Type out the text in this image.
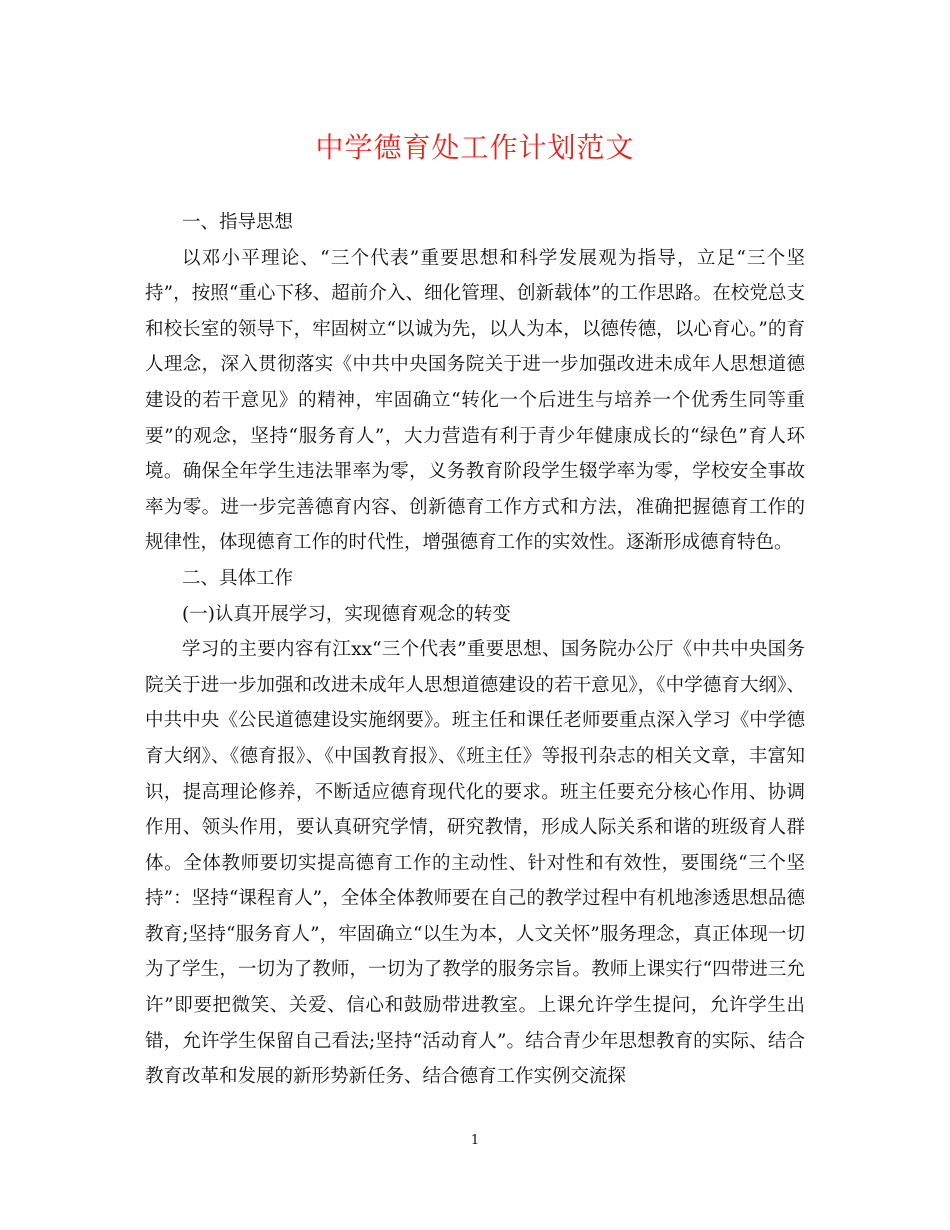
中学德育处工作计划范文

一、指导思想

以邓小平理论、“三个代表”重要思想和科学发展观为指导，立足“三个坚持”，按照“重心下移、超前介入、细化管理、创新载体”的工作思路。在校党总支和校长室的领导下，牢固树立“以诚为先，以人为本，以德传德，以心育心。”的育人理念，深入贯彻落实《中共中央国务院关于进一步加强改进未成年人思想道德建设的若干意见》的精神，牢固确立“转化一个后进生与培养一个优秀生同等重要”的观念，坚持“服务育人”，大力营造有利于青少年健康成长的“绿色”育人环境。确保全年学生违法罪率为零，义务教育阶段学生辍学率为零，学校安全事故率为零。进一步完善德育内容、创新德育工作方式和方法，准确把握德育工作的规律性，体现德育工作的时代性，增强德育工作的实效性。逐渐形成德育特色。

二、具体工作

(一)认真开展学习，实现德育观念的转变

学习的主要内容有江xx“三个代表”重要思想、国务院办公厅《中共中央国务院关于进一步加强和改进未成年人思想道德建设的若干意见》，《中学德育大纲》、中共中央《公民道德建设实施纲要》。班主任和课任老师要重点深入学习《中学德育大纲》、《德育报》、《中国教育报》、《班主任》等报刊杂志的相关文章，丰富知识，提高理论修养，不断适应德育现代化的要求。班主任要充分核心作用、协调作用、领头作用，要认真研究学情，研究教情，形成人际关系和谐的班级育人群体。全体教师要切实提高德育工作的主动性、针对性和有效性，要围绕“三个坚持”：坚持“课程育人”，全体全体教师要在自己的教学过程中有机地渗透思想品德教育;坚持“服务育人”，牢固确立“以生为本，人文关怀”服务理念，真正体现一切为了学生，一切为了教师，一切为了教学的服务宗旨。教师上课实行“四带进三允许”即要把微笑、关爱、信心和鼓励带进教室。上课允许学生提问，允许学生出错，允许学生保留自己看法;坚持“活动育人”。结合青少年思想教育的实际、结合教育改革和发展的新形势新任务、结合德育工作实例交流探

1
